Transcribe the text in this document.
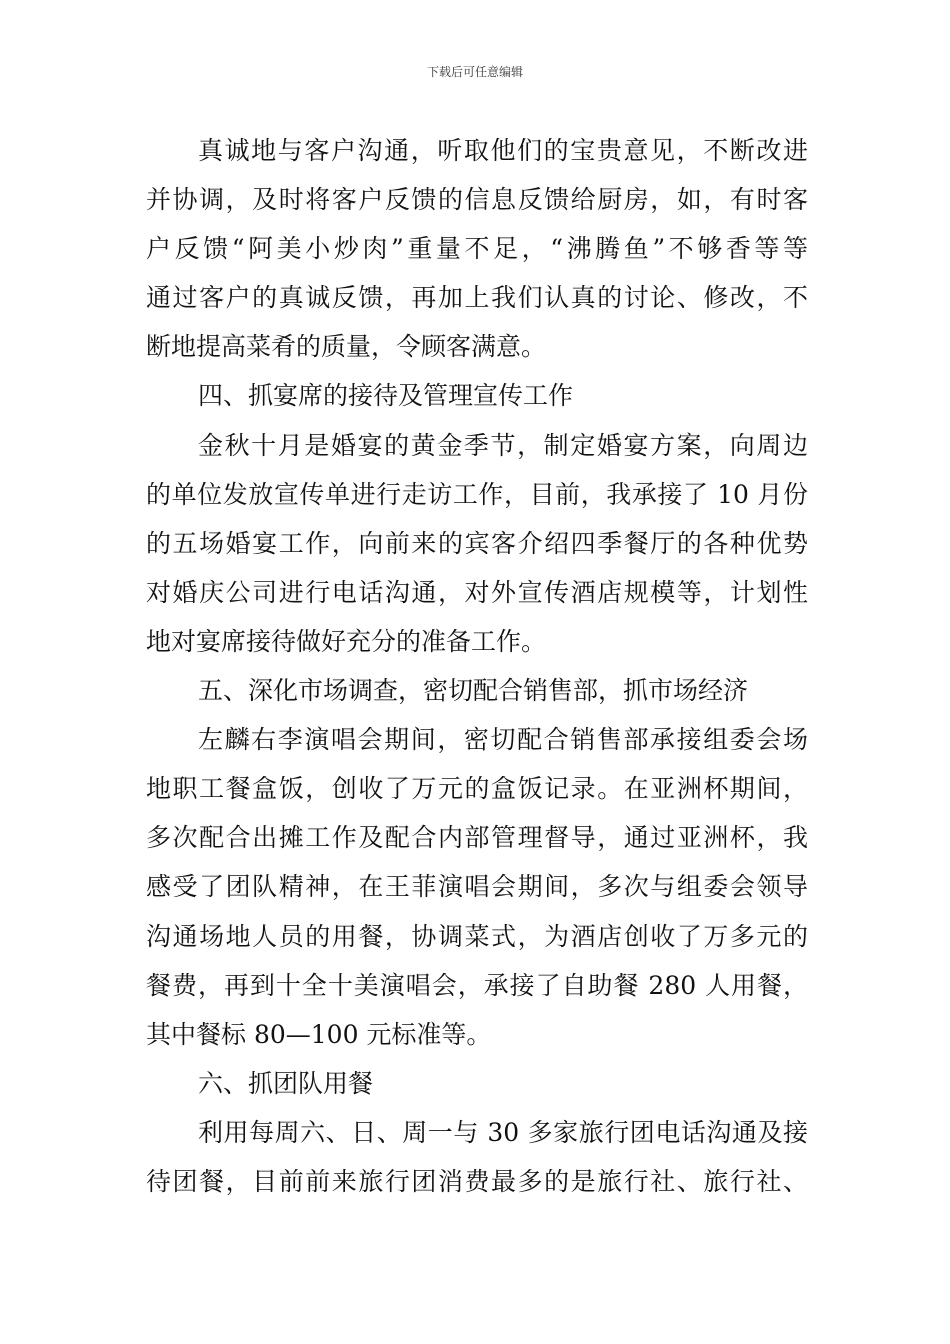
下载后可任意编辑
真诚地与客户沟通，听取他们的宝贵意见，不断改进
并协调，及时将客户反馈的信息反馈给厨房，如，有时客
户反馈“阿美小炒肉”重量不足，“沸腾鱼”不够香等等
通过客户的真诚反馈，再加上我们认真的讨论、修改，不
断地提高菜肴的质量，令顾客满意。
四、抓宴席的接待及管理宣传工作
金秋十月是婚宴的黄金季节，制定婚宴方案，向周边
的单位发放宣传单进行走访工作，目前，我承接了 10 月份
的五场婚宴工作，向前来的宾客介绍四季餐厅的各种优势
对婚庆公司进行电话沟通，对外宣传酒店规模等，计划性
地对宴席接待做好充分的准备工作。
五、深化市场调查，密切配合销售部，抓市场经济
左麟右李演唱会期间，密切配合销售部承接组委会场
地职工餐盒饭，创收了万元的盒饭记录。在亚洲杯期间，
多次配合出摊工作及配合内部管理督导，通过亚洲杯，我
感受了团队精神，在王菲演唱会期间，多次与组委会领导
沟通场地人员的用餐，协调菜式，为酒店创收了万多元的
餐费，再到十全十美演唱会，承接了自助餐 280 人用餐，
其中餐标 80—100 元标准等。
六、抓团队用餐
利用每周六、日、周一与 30 多家旅行团电话沟通及接
待团餐，目前前来旅行团消费最多的是旅行社、旅行社、
